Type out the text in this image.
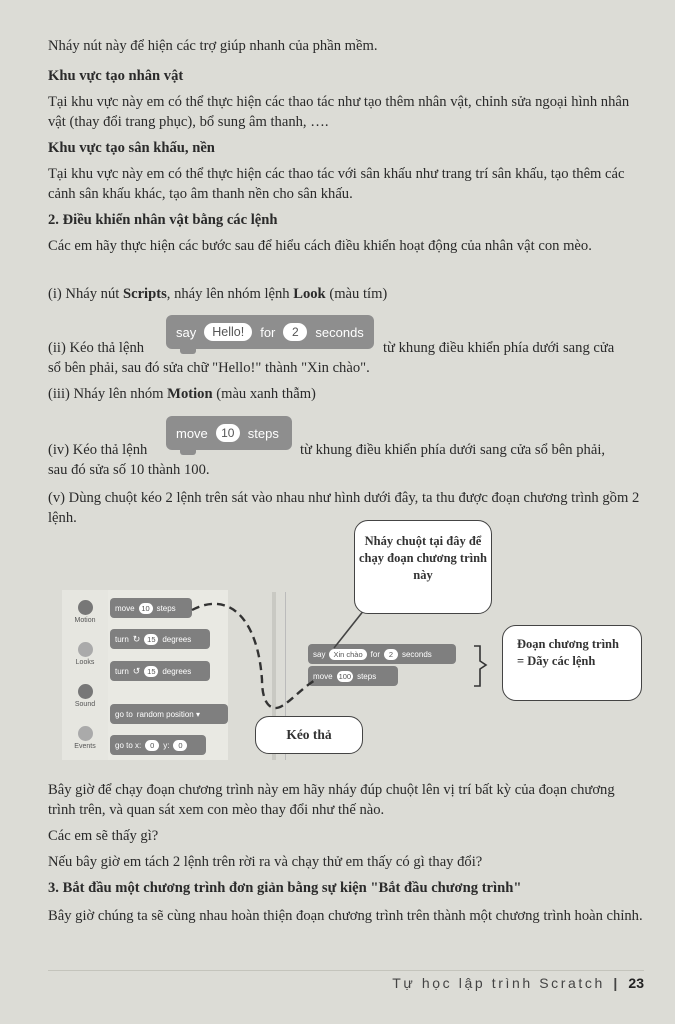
Nháy nút này để hiện các trợ giúp nhanh của phần mềm.

Khu vực tạo nhân vật

Tại khu vực này em có thể thực hiện các thao tác như tạo thêm nhân vật, chỉnh sửa ngoại hình nhân vật (thay đổi trang phục), bổ sung âm thanh, ….

Khu vực tạo sân khấu, nền

Tại khu vực này em có thể thực hiện các thao tác với sân khấu như trang trí sân khấu, tạo thêm các cảnh sân khấu khác, tạo âm thanh nền cho sân khấu.

2. Điều khiển nhân vật bằng các lệnh

Các em hãy thực hiện các bước sau để hiểu cách điều khiển hoạt động của nhân vật con mèo.

(i) Nháy nút Scripts, nháy lên nhóm lệnh Look (màu tím)

say	Hello!	for	2	seconds

(ii) Kéo thả lệnh	từ khung điều khiển phía dưới sang cửa

sổ bên phải, sau đó sửa chữ "Hello!" thành "Xin chào".

(iii) Nháy lên nhóm Motion (màu xanh thẫm)

move	10	steps

(iv) Kéo thả lệnh	từ khung điều khiển phía dưới sang cửa sổ bên phải,

sau đó sửa số 10 thành 100.

(v) Dùng chuột kéo 2 lệnh trên sát vào nhau như hình dưới đây, ta thu được đoạn chương trình gồm 2 lệnh.

Motion
Looks
Sound
Events
move 10 steps
turn ↻ 15 degrees
turn ↺ 15 degrees
go to random position ▾
go to x:	0	y:	0
say	Xin chào	for	2	seconds
move 100 steps
Nháy chuột tại đây để chạy đoạn chương trình này
Kéo thả
Đoạn chương trình = Dãy các lệnh

Bây giờ để chạy đoạn chương trình này em hãy nháy đúp chuột lên vị trí bất kỳ của đoạn chương trình trên, và quan sát xem con mèo thay đổi như thế nào.

Các em sẽ thấy gì?

Nếu bây giờ em tách 2 lệnh trên rời ra và chạy thử em thấy có gì thay đổi?

3. Bắt đầu một chương trình đơn giản bằng sự kiện "Bắt đầu chương trình"

Bây giờ chúng ta sẽ cùng nhau hoàn thiện đoạn chương trình trên thành một chương trình hoàn chỉnh.

Tự học lập trình Scratch | 23
